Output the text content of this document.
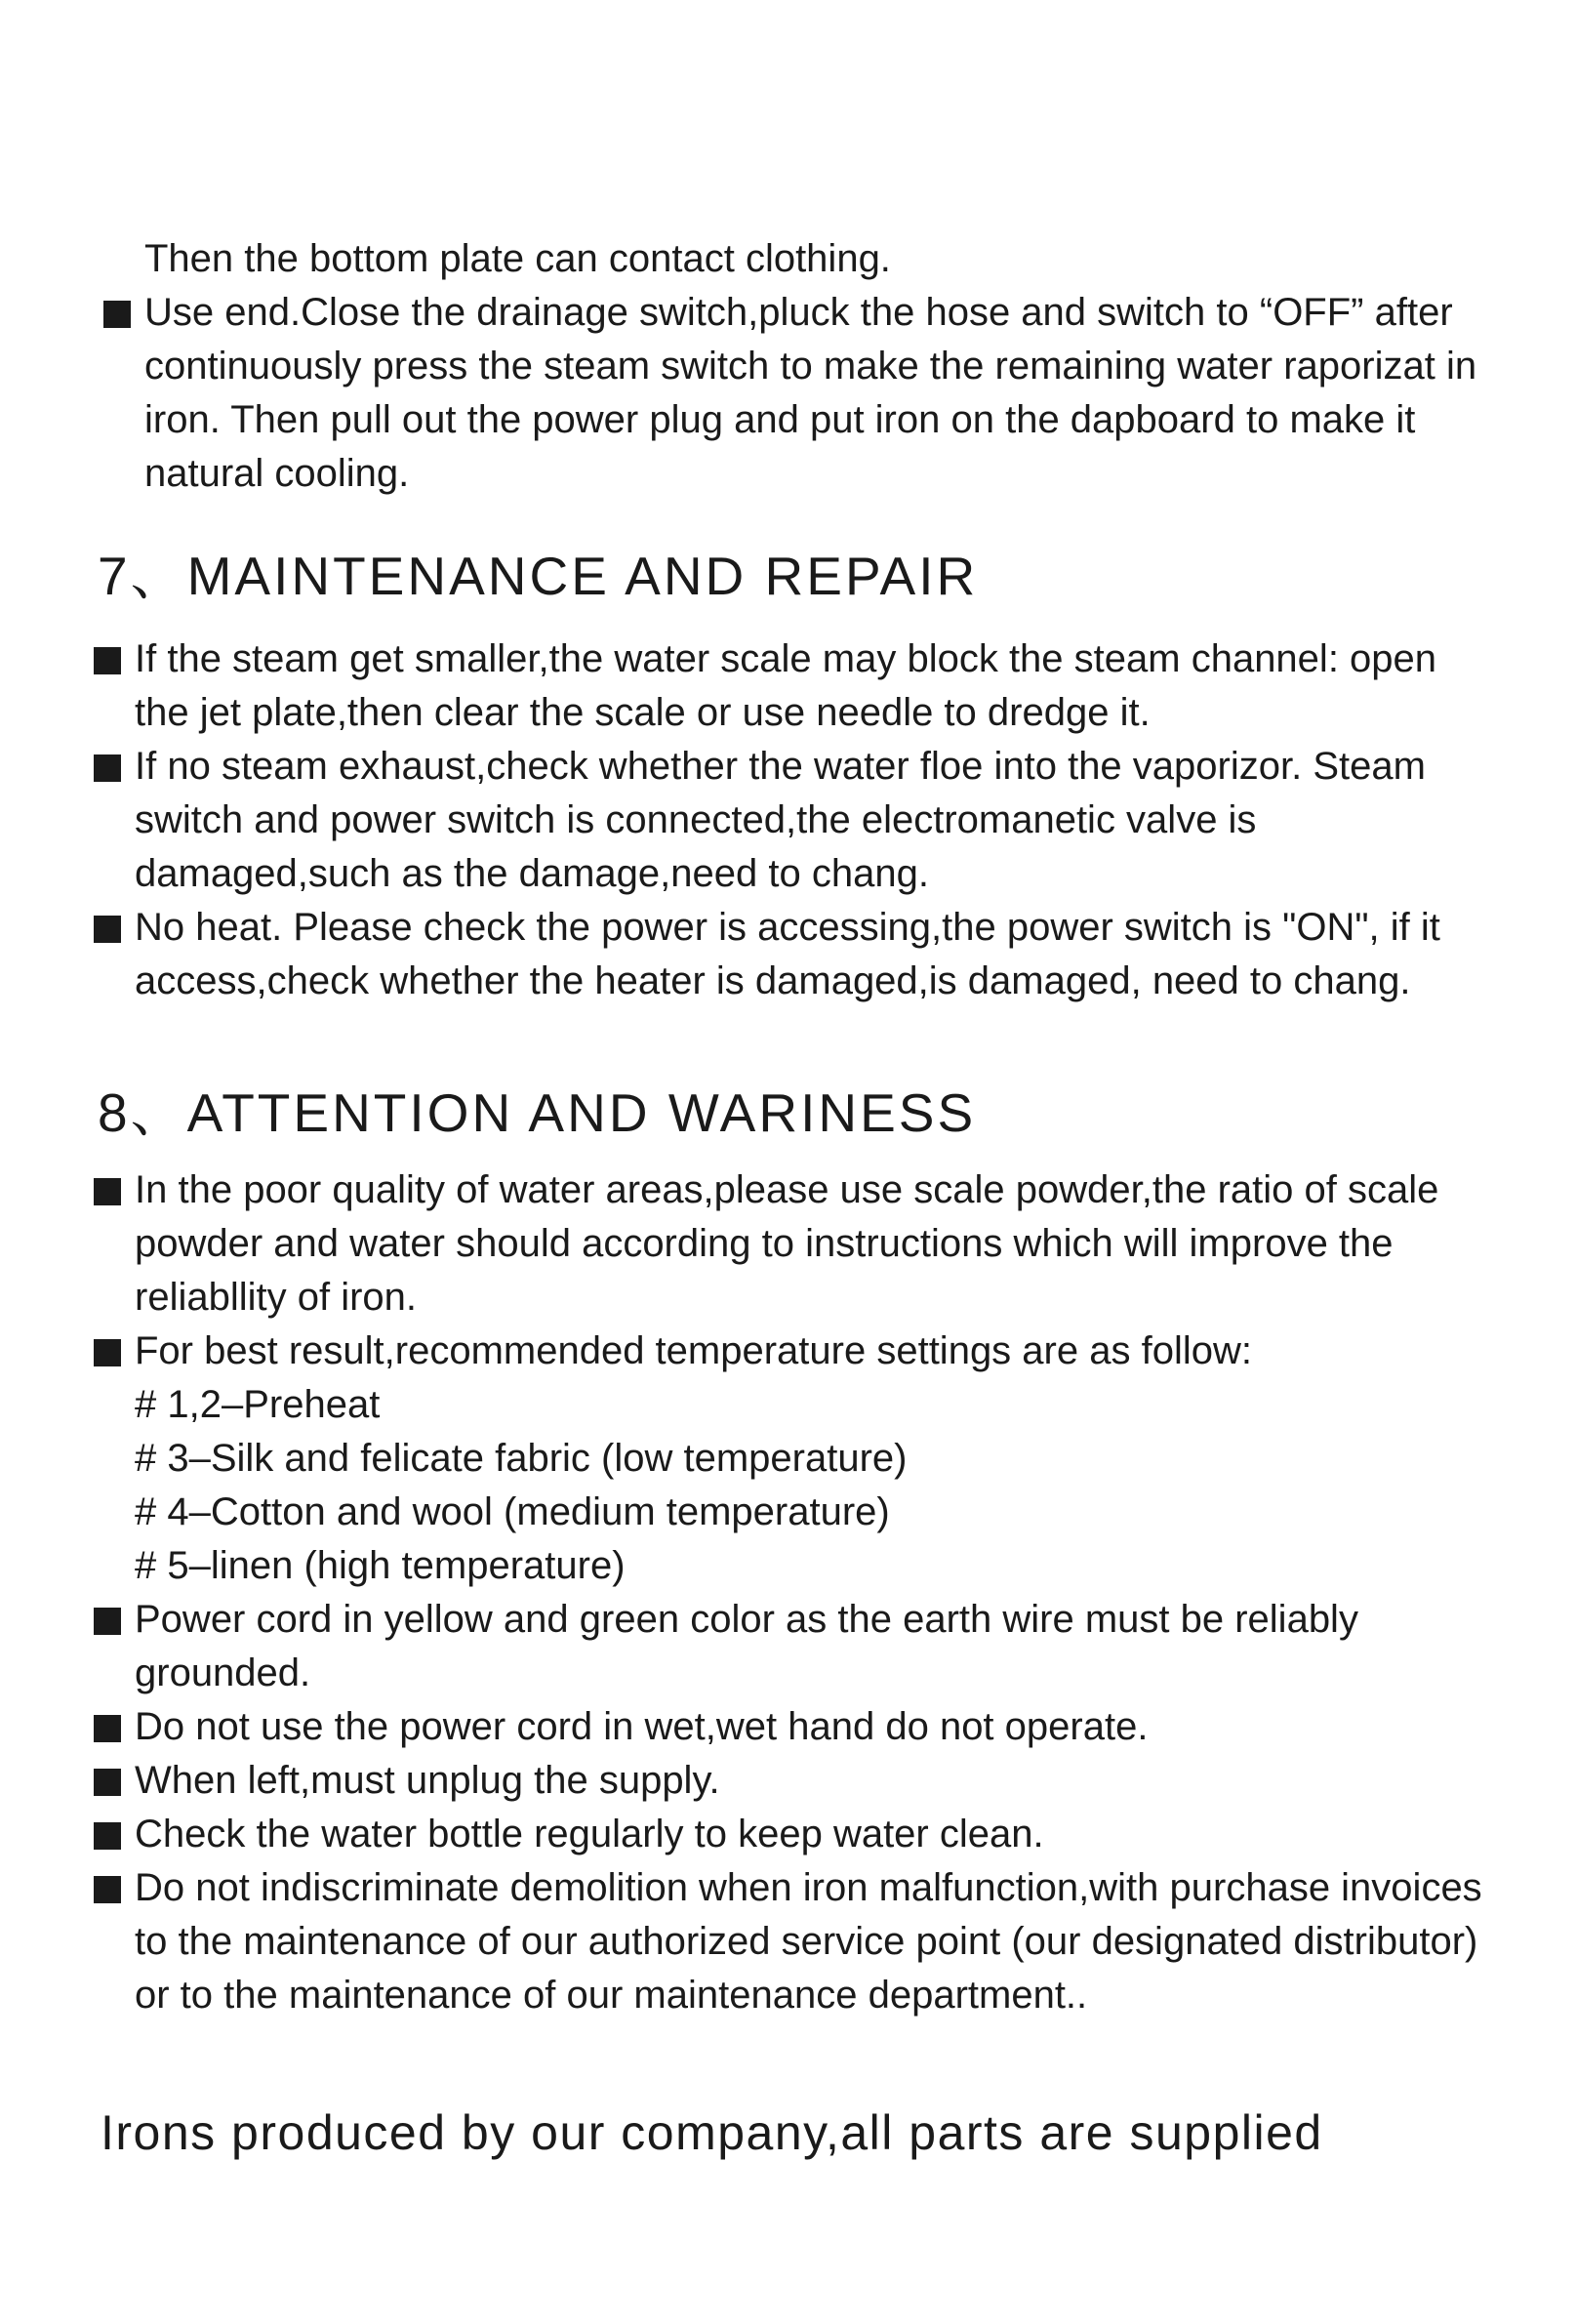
Then the bottom plate can contact clothing.

Use end.Close the drainage switch,pluck the hose and switch to “OFF” after continuously press the steam switch to make the remaining water raporizat in iron. Then pull out the power plug and put iron on the dapboard to make it natural cooling.

7、MAINTENANCE AND REPAIR

If the steam get smaller,the water scale may block the steam channel: open the jet plate,then clear the scale or use needle to dredge it.

If no steam exhaust,check whether the water floe into the vaporizor. Steam switch and power switch is connected,the electromanetic valve is damaged,such as the damage,need to chang.

No heat. Please check the power is accessing,the power switch is "ON", if it access,check whether the heater is damaged,is damaged, need to chang.

8、ATTENTION AND WARINESS

In the poor quality of water areas,please use scale powder,the ratio of scale powder and water should according to instructions which will improve the reliabllity of iron.

For best result,recommended temperature settings are as follow:

# 1,2–Preheat

# 3–Silk and felicate fabric (low temperature)

# 4–Cotton and wool (medium temperature)

# 5–linen (high temperature)

Power cord in yellow and green color as the earth wire must be reliably grounded.

Do not use the power cord in wet,wet hand do not operate.

When left,must unplug the supply.

Check the water bottle regularly to keep water clean.

Do not indiscriminate demolition when iron malfunction,with purchase invoices to the maintenance of our authorized service point (our designated distributor) or to the maintenance of our maintenance department..

Irons produced by our company,all parts are supplied
